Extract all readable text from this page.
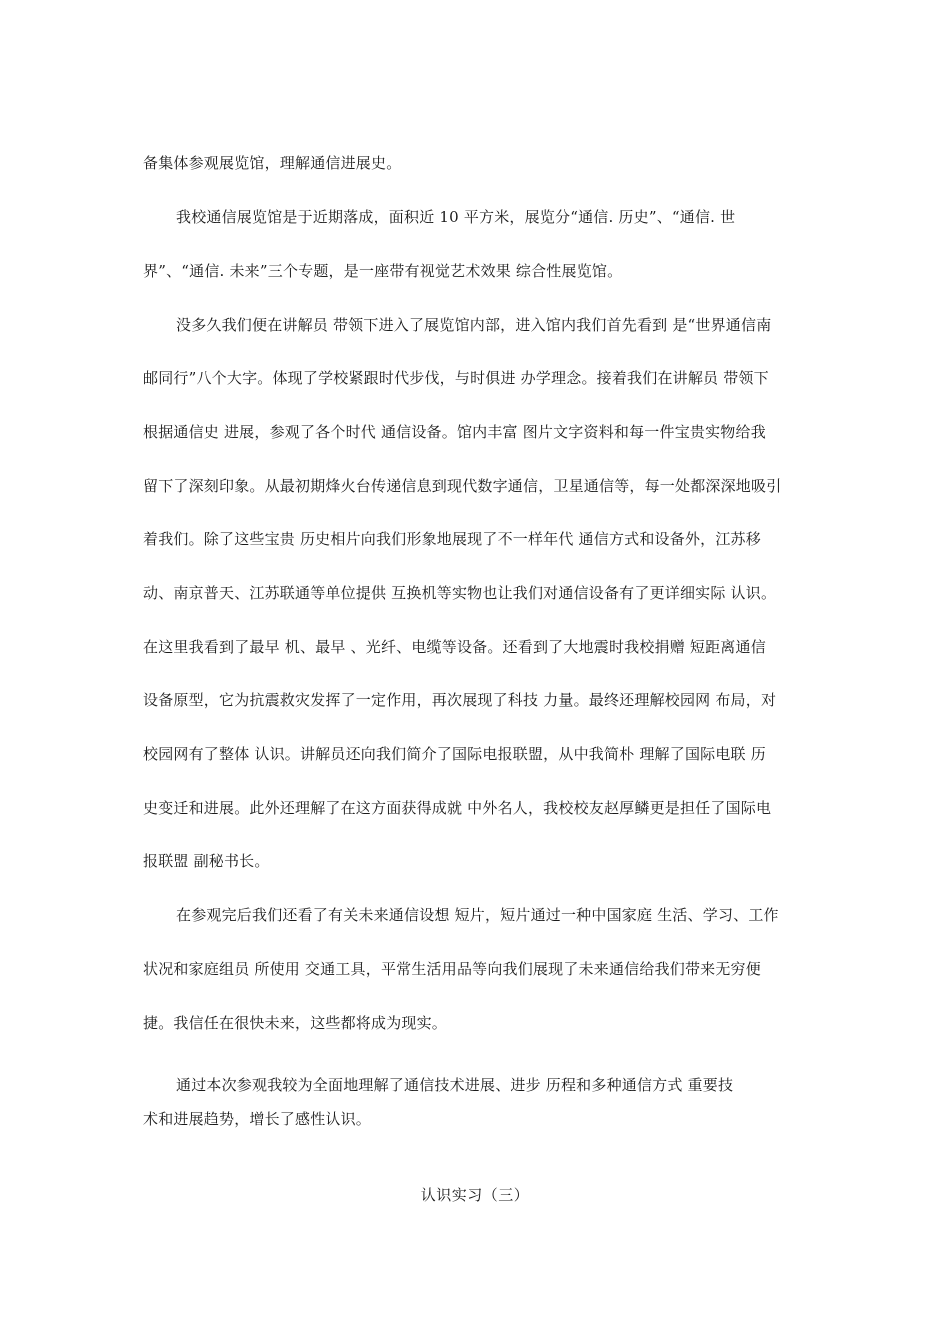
备集体参观展览馆，理解通信进展史。
我校通信展览馆是于近期落成，面积近 10 平方米，展览分“通信. 历史”、“通信. 世
界”、“通信. 未来”三个专题，是一座带有视觉艺术效果 综合性展览馆。
没多久我们便在讲解员 带领下进入了展览馆内部，进入馆内我们首先看到 是“世界通信南
邮同行”八个大字。体现了学校紧跟时代步伐，与时俱进 办学理念。接着我们在讲解员 带领下
根据通信史 进展，参观了各个时代 通信设备。馆内丰富 图片文字资料和每一件宝贵实物给我
留下了深刻印象。从最初期烽火台传递信息到现代数字通信，卫星通信等，每一处都深深地吸引
着我们。除了这些宝贵 历史相片向我们形象地展现了不一样年代 通信方式和设备外，江苏移
动、南京普天、江苏联通等单位提供 互换机等实物也让我们对通信设备有了更详细实际 认识。
在这里我看到了最早 机、最早 、光纤、电缆等设备。还看到了大地震时我校捐赠 短距离通信
设备原型，它为抗震救灾发挥了一定作用，再次展现了科技 力量。最终还理解校园网 布局，对
校园网有了整体 认识。讲解员还向我们简介了国际电报联盟，从中我简朴 理解了国际电联 历
史变迁和进展。此外还理解了在这方面获得成就 中外名人，我校校友赵厚鳞更是担任了国际电
报联盟 副秘书长。
在参观完后我们还看了有关未来通信设想 短片，短片通过一种中国家庭 生活、学习、工作
状况和家庭组员 所使用 交通工具，平常生活用品等向我们展现了未来通信给我们带来无穷便
捷。我信任在很快未来，这些都将成为现实。
通过本次参观我较为全面地理解了通信技术进展、进步 历程和多种通信方式 重要技
术和进展趋势，增长了感性认识。
认识实习（三）
